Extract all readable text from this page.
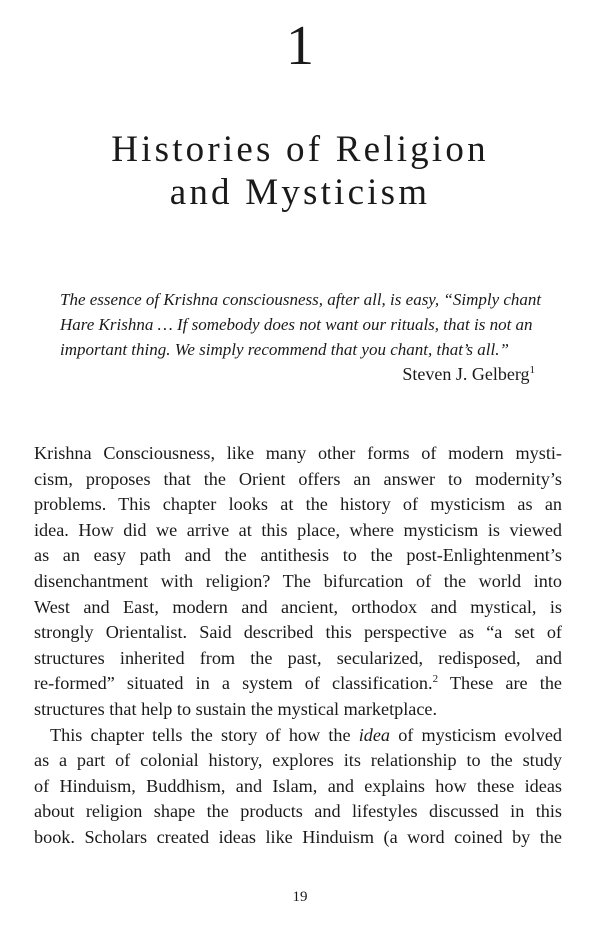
1
Histories of Religion
and Mysticism
The essence of Krishna consciousness, after all, is easy, “Simply chant
Hare Krishna … If somebody does not want our rituals, that is not an
important thing. We simply recommend that you chant, that’s all.”
Steven J. Gelberg$^1$
Krishna Consciousness, like many other forms of modern mysti-
cism, proposes that the Orient offers an answer to modernity’s
problems. This chapter looks at the history of mysticism as an
idea. How did we arrive at this place, where mysticism is viewed
as an easy path and the antithesis to the post-Enlightenment’s
disenchantment with religion? The bifurcation of the world into
West and East, modern and ancient, orthodox and mystical, is
strongly Orientalist. Said described this perspective as “a set of
structures inherited from the past, secularized, redisposed, and
re-formed” situated in a system of classification.$^2$ These are the
structures that help to sustain the mystical marketplace.
This chapter tells the story of how the idea of mysticism evolved
as a part of colonial history, explores its relationship to the study
of Hinduism, Buddhism, and Islam, and explains how these ideas
about religion shape the products and lifestyles discussed in this
book. Scholars created ideas like Hinduism (a word coined by the
19
